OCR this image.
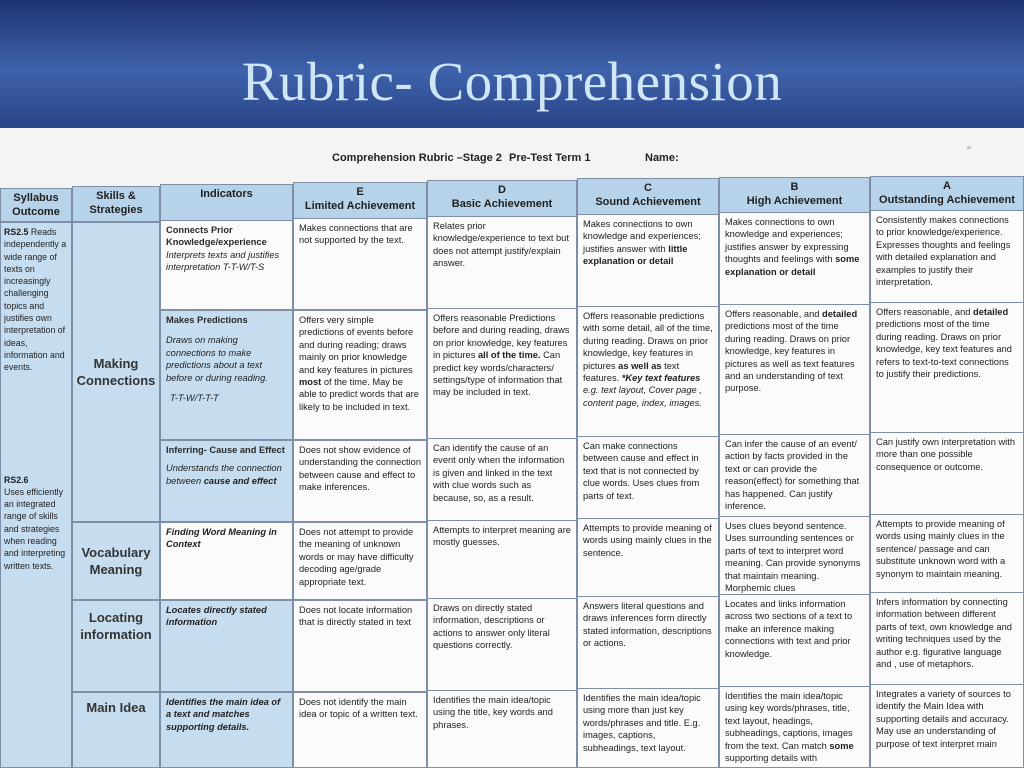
Rubric- Comprehension
Comprehension Rubric –Stage 2 Pre-Test Term 1	Name:
Syllabus
Outcome
Skills &
Strategies
Indicators	E
Limited Achievement
D
Basic Achievement
C
Sound Achievement
B
High Achievement
A
Outstanding Achievement
RS2.5 Reads independently a wide range of texts on increasingly challenging topics and justifies own interpretation of ideas, information and events.
RS2.6
Uses efficiently an integrated range of skills and strategies when reading and interpreting written texts.
Making Connections
Vocabulary Meaning
Locating information
Main Idea
Connects Prior Knowledge/experience
Interprets texts and justifies interpretation T-T-W/T-S
Makes connections that are not supported by the text.
Relates prior knowledge/experience to text but does not attempt justify/explain answer.
Makes connections to own knowledge and experiences; justifies answer with little explanation or detail
Makes connections to own knowledge and experiences; justifies answer by expressing thoughts and feelings with some explanation or detail
Consistently makes connections to prior knowledge/experience. Expresses thoughts and feelings with detailed explanation and examples to justify their interpretation.
Makes Predictions
Draws on making connections to make predictions about a text before or during reading.
T-T-W/T-T-T
Offers very simple predictions of events before and during reading; draws mainly on prior knowledge and key features in pictures most of the time. May be able to predict words that are likely to be included in text.
Offers reasonable Predictions before and during reading, draws on prior knowledge, key features in pictures all of the time. Can predict key words/characters/ settings/type of information that may be included in text.
Offers reasonable predictions with some detail, all of the time, during reading. Draws on prior knowledge, key features in pictures as well as text features. *Key text features e.g. text layout, Cover page , content page, index, images.
Offers reasonable, and detailed predictions most of the time during reading. Draws on prior knowledge, key features in pictures as well as text features and an understanding of text purpose.
Offers reasonable, and detailed predictions most of the time during reading. Draws on prior knowledge, key text features and refers to text-to-text connections to justify their predictions.
Inferring- Cause and Effect
Understands the connection between cause and effect
Does not show evidence of understanding the connection between cause and effect to make inferences.
Can identify the cause of an event only when the information is given and linked in the text with clue words such as because, so, as a result.
Can make connections between cause and effect in text that is not connected by clue words. Uses clues from parts of text.
Can infer the cause of an event/ action by facts provided in the text or can provide the reason(effect) for something that has happened. Can justify inference.
Can justify own interpretation with more than one possible consequence or outcome.
Finding Word Meaning in Context
Does not attempt to provide the meaning of unknown words or may have difficulty decoding age/grade appropriate text.
Attempts to interpret meaning are mostly guesses.
Attempts to provide meaning of words using mainly clues in the sentence.
Uses clues beyond sentence. Uses surrounding sentences or parts of text to interpret word meaning. Can provide synonyms that maintain meaning. Morphemic clues
Attempts to provide meaning of words using mainly clues in the sentence/ passage and can substitute unknown word with a synonym to maintain meaning.
Locates directly stated information
Does not locate information that is directly stated in text
Draws on directly stated information, descriptions or actions to answer only literal questions correctly.
Answers literal questions and draws inferences form directly stated information, descriptions or actions.
Locates and links information across two sections of a text to make an inference making connections with text and prior knowledge.
Infers information by connecting information between different parts of text, own knowledge and writing techniques used by the author e.g. figurative language and , use of metaphors.
Identifies the main idea of a text and matches supporting details.
Does not identify the main idea or topic of a written text.
Identifies the main idea/topic using the title, key words and phrases.
Identifies the main idea/topic using more than just key words/phrases and title. E.g. images, captions, subheadings, text layout.
Identifies the main idea/topic using key words/phrases, title, text layout, headings, subheadings, captions, images from the text. Can match some supporting details with
Integrates a variety of sources to identify the Main Idea with supporting details and accuracy. May use an understanding of purpose of text interpret main
